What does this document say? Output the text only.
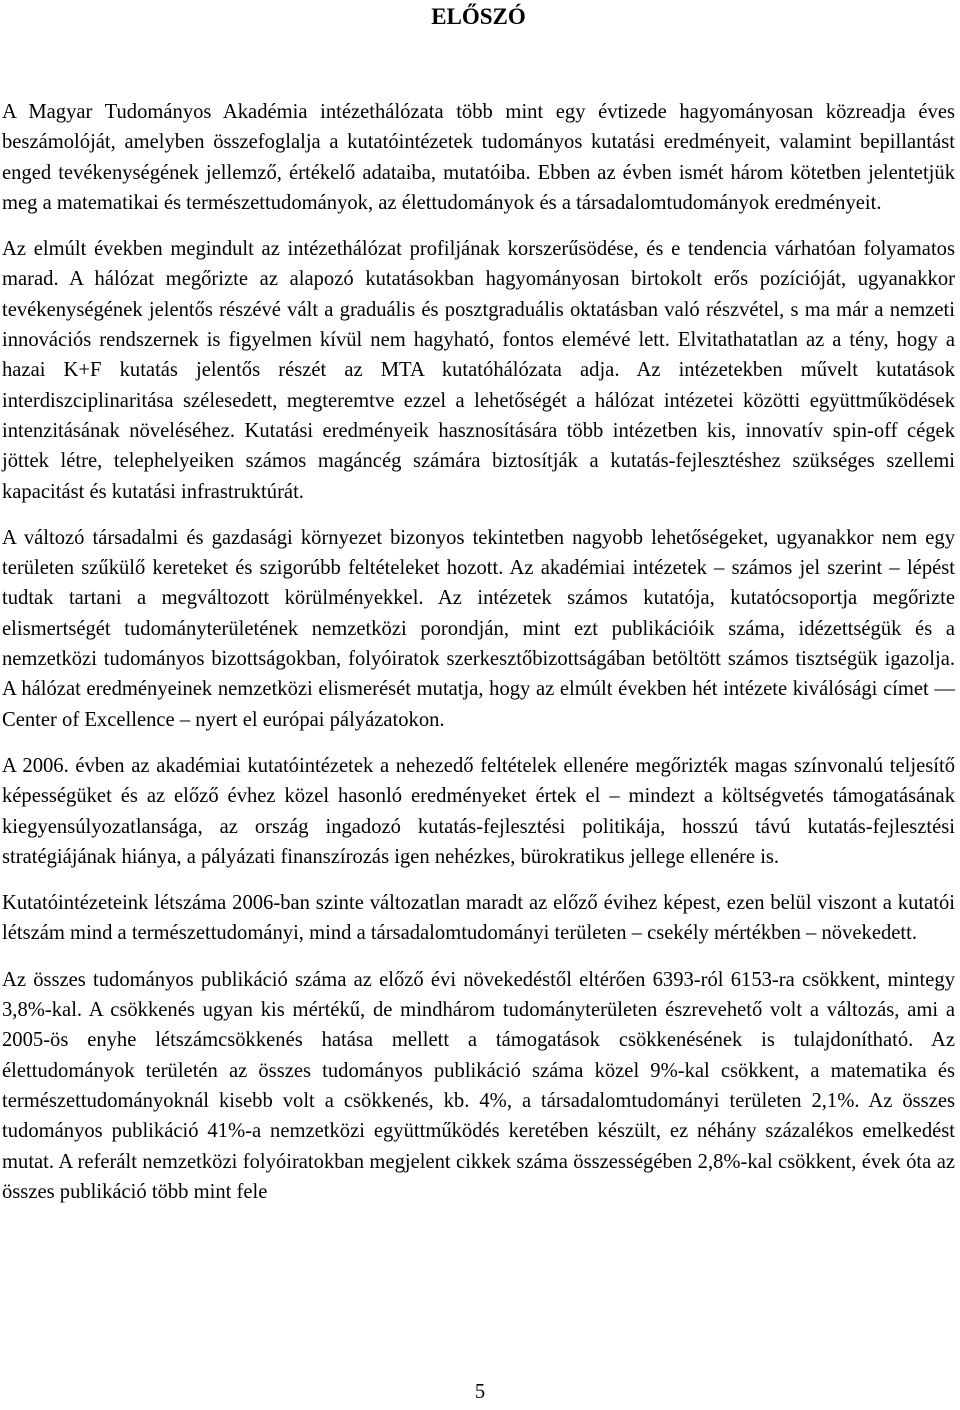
ELŐSZÓ

A Magyar Tudományos Akadémia intézethálózata több mint egy évtizede hagyományosan közreadja éves beszámolóját, amelyben összefoglalja a kutatóintézetek tudományos kutatási eredményeit, valamint bepillantást enged tevékenységének jellemző, értékelő adataiba, mutatóiba. Ebben az évben ismét három kötetben jelentetjük meg a matematikai és természettudományok, az élettudományok és a társadalomtudományok eredményeit.

Az elmúlt években megindult az intézethálózat profiljának korszerűsödése, és e tendencia várhatóan folyamatos marad. A hálózat megőrizte az alapozó kutatásokban hagyományosan birtokolt erős pozícióját, ugyanakkor tevékenységének jelentős részévé vált a graduális és posztgraduális oktatásban való részvétel, s ma már a nemzeti innovációs rendszernek is figyelmen kívül nem hagyható, fontos elemévé lett. Elvitathatatlan az a tény, hogy a hazai K+F kutatás jelentős részét az MTA kutatóhálózata adja. Az intézetekben művelt kutatások interdiszciplinaritása szélesedett, megteremtve ezzel a lehetőségét a hálózat intézetei közötti együttműködések intenzitásának növeléséhez. Kutatási eredményeik hasznosítására több intézetben kis, innovatív spin-off cégek jöttek létre, telephelyeiken számos magáncég számára biztosítják a kutatás-fejlesztéshez szükséges szellemi kapacitást és kutatási infrastruktúrát.

A változó társadalmi és gazdasági környezet bizonyos tekintetben nagyobb lehetőségeket, ugyanakkor nem egy területen szűkülő kereteket és szigorúbb feltételeket hozott. Az akadémiai intézetek – számos jel szerint – lépést tudtak tartani a megváltozott körülményekkel. Az intézetek számos kutatója, kutatócsoportja megőrizte elismertségét tudományterületének nemzetközi porondján, mint ezt publikációik száma, idézettségük és a nemzetközi tudományos bizottságokban, folyóiratok szerkesztőbizottságában betöltött számos tisztségük igazolja. A hálózat eredményeinek nemzetközi elismerését mutatja, hogy az elmúlt években hét intézete kiválósági címet — Center of Excellence – nyert el európai pályázatokon.

A 2006. évben az akadémiai kutatóintézetek a nehezedő feltételek ellenére megőrizték magas színvonalú teljesítő képességüket és az előző évhez közel hasonló eredményeket értek el – mindezt a költségvetés támogatásának kiegyensúlyozatlansága, az ország ingadozó kutatás-fejlesztési politikája, hosszú távú kutatás-fejlesztési stratégiájának hiánya, a pályázati finanszírozás igen nehézkes, bürokratikus jellege ellenére is.

Kutatóintézeteink létszáma 2006-ban szinte változatlan maradt az előző évihez képest, ezen belül viszont a kutatói létszám mind a természettudományi, mind a társadalomtudományi területen – csekély mértékben – növekedett.

Az összes tudományos publikáció száma az előző évi növekedéstől eltérően 6393-ról 6153-ra csökkent, mintegy 3,8%-kal. A csökkenés ugyan kis mértékű, de mindhárom tudományterületen észrevehető volt a változás, ami a 2005-ös enyhe létszámcsökkenés hatása mellett a támogatások csökkenésének is tulajdonítható. Az élettudományok területén az összes tudományos publikáció száma közel 9%-kal csökkent, a matematika és természettudományoknál kisebb volt a csökkenés, kb. 4%, a társadalomtudományi területen 2,1%. Az összes tudományos publikáció 41%-a nemzetközi együttműködés keretében készült, ez néhány százalékos emelkedést mutat. A referált nemzetközi folyóiratokban megjelent cikkek száma összességében 2,8%-kal csökkent, évek óta az összes publikáció több mint fele

5
